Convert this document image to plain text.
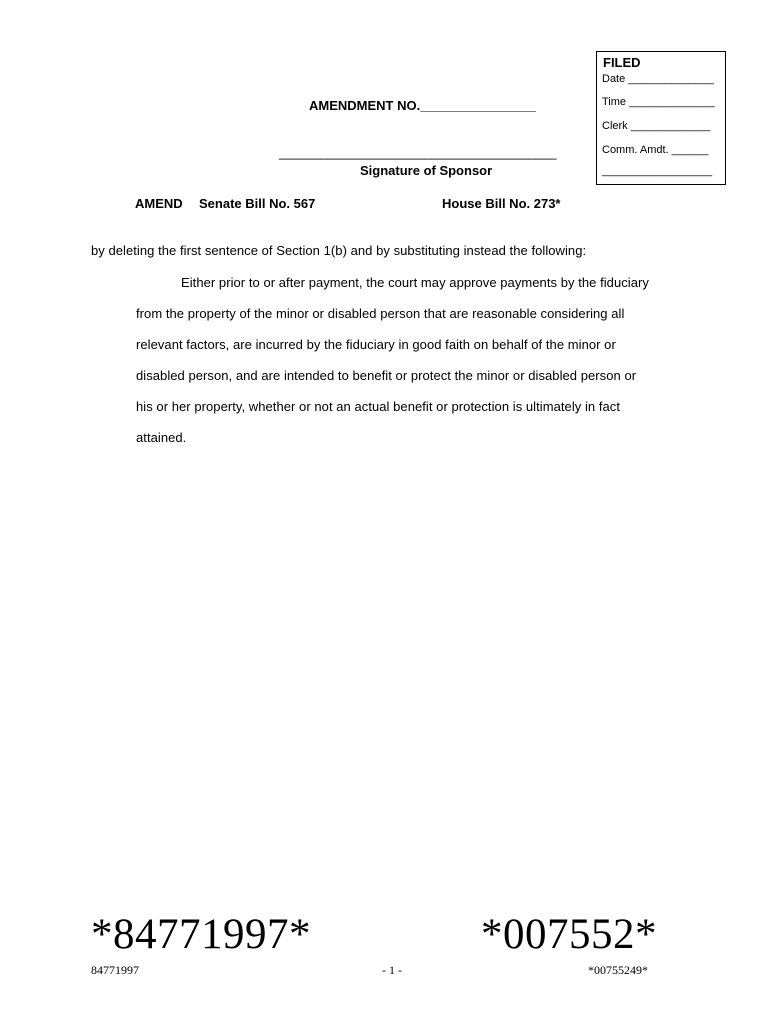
FILED
Date ______________
Time ______________
Clerk _____________
Comm. Amdt. ______
__________________
AMENDMENT NO.________________
________________________________________
Signature of Sponsor
AMEND Senate Bill No. 567	House Bill No. 273*
by deleting the first sentence of Section 1(b) and by substituting instead the following:
Either prior to or after payment, the court may approve payments by the fiduciary
from the property of the minor or disabled person that are reasonable considering all
relevant factors, are incurred by the fiduciary in good faith on behalf of the minor or
disabled person, and are intended to benefit or protect the minor or disabled person or
his or her property, whether or not an actual benefit or protection is ultimately in fact
attained.
*84771997*	*007552*
84771997	- 1 -	*00755249*
